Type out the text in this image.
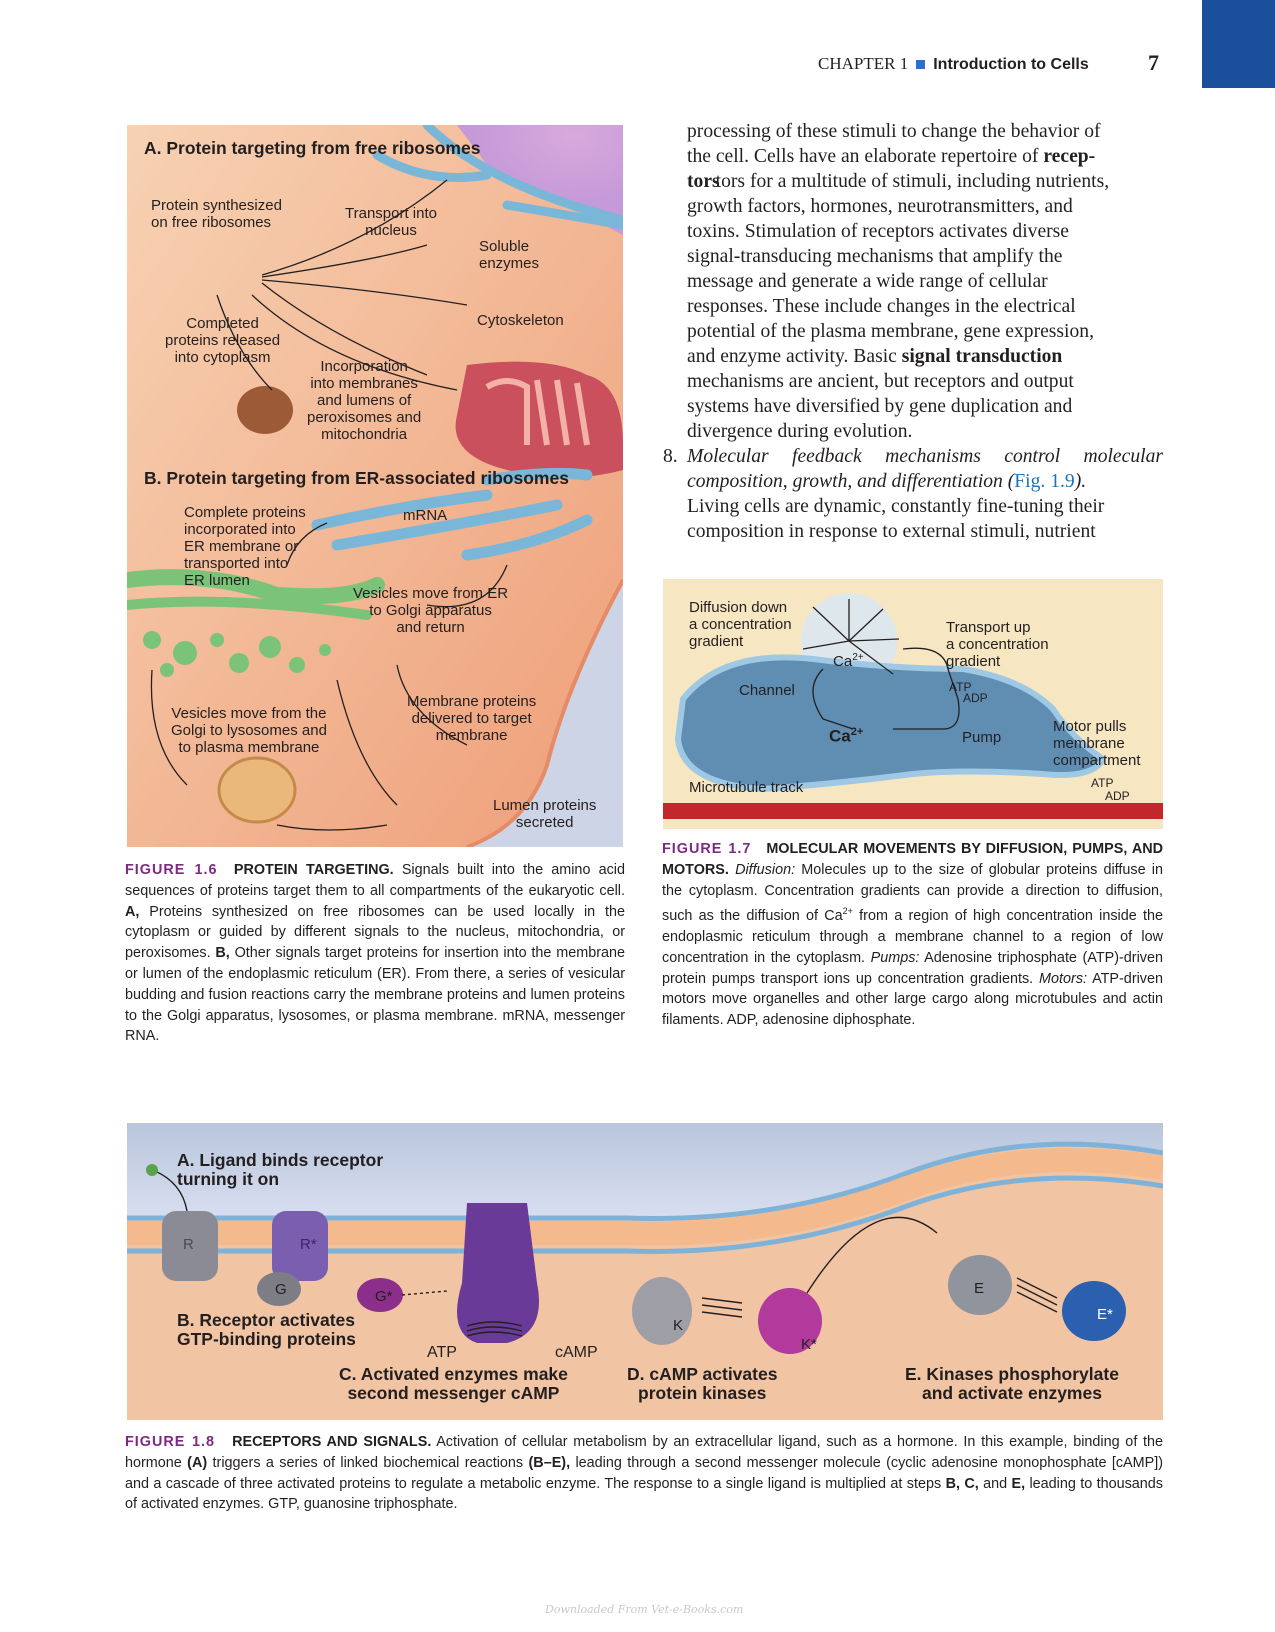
CHAPTER 1 Introduction to Cells	7

processing of these stimuli to change the behavior of

the cell. Cells have an elaborate repertoire of recep-

torstors for a multitude of stimuli, including nutrients,

growth factors, hormones, neurotransmitters, and

toxins. Stimulation of receptors activates diverse

signal-transducing mechanisms that amplify the

message and generate a wide range of cellular

responses. These include changes in the electrical

potential of the plasma membrane, gene expression,

and enzyme activity. Basic signal transduction

mechanisms are ancient, but receptors and output

systems have diversified by gene duplication and

divergence during evolution.

8. Molecular feedback mechanisms control molecular composition, growth, and differentiation (Fig. 1.9).

Living cells are dynamic, constantly fine-tuning their

composition in response to external stimuli, nutrient

A. Protein targeting from free ribosomes
Protein synthesized
on free ribosomes
Transport into
nucleus
Soluble
enzymes
Cytoskeleton
Completed
proteins released
into cytoplasm
Incorporation
into membranes
and lumens of
peroxisomes and
mitochondria
B. Protein targeting from ER-associated ribosomes
Complete proteins
incorporated into
ER membrane or
transported into
ER lumen
mRNA
Vesicles move from ER
to Golgi apparatus
and return
Vesicles move from the
Golgi to lysosomes and
to plasma membrane
Membrane proteins
delivered to target
membrane
Lumen proteins
secreted
FIGURE 1.6 PROTEIN TARGETING. Signals built into the amino acid sequences of proteins target them to all compartments of the eukaryotic cell. A, Proteins synthesized on free ribosomes can be used locally in the cytoplasm or guided by different signals to the nucleus, mitochondria, or peroxisomes. B, Other signals target proteins for insertion into the membrane or lumen of the endoplasmic reticulum (ER). From there, a series of vesicular budding and fusion reactions carry the membrane proteins and lumen proteins to the Golgi apparatus, lysosomes, or plasma membrane. mRNA, messenger RNA.
Diffusion down
a concentration
gradient
$Ca^{2+}$
Transport up
a concentration
gradient
Channel	ATP
ADP
$Ca^{2+}$	Pump
Motor pulls
membrane
compartment
Microtubule track	ATP
ADP
FIGURE 1.7 MOLECULAR MOVEMENTS BY DIFFUSION, PUMPS, AND MOTORS. Diffusion: Molecules up to the size of globular proteins diffuse in the cytoplasm. Concentration gradients can provide a direction to diffusion, such as the diffusion of $Ca^{2+}$ from a region of high concentration inside the endoplasmic reticulum through a membrane channel to a region of low concentration in the cytoplasm. Pumps: Adenosine triphosphate (ATP)-driven protein pumps transport ions up concentration gradients. Motors: ATP-driven motors move organelles and other large cargo along microtubules and actin filaments. ADP, adenosine diphosphate.
A. Ligand binds receptor
turning it on
B. Receptor activates
GTP-binding proteins
C. Activated enzymes make
second messenger cAMP
D. cAMP activates
protein kinases
E. Kinases phosphorylate
and activate enzymes
R	R*
G	G*
K
K*
E
E*
ATP	cAMP
FIGURE 1.8 RECEPTORS AND SIGNALS. Activation of cellular metabolism by an extracellular ligand, such as a hormone. In this example, binding of the hormone (A) triggers a series of linked biochemical reactions (B–E), leading through a second messenger molecule (cyclic adenosine monophosphate [cAMP]) and a cascade of three activated proteins to regulate a metabolic enzyme. The response to a single ligand is multiplied at steps B, C, and E, leading to thousands of activated enzymes. GTP, guanosine triphosphate.
Downloaded From Vet-e-Books.com
